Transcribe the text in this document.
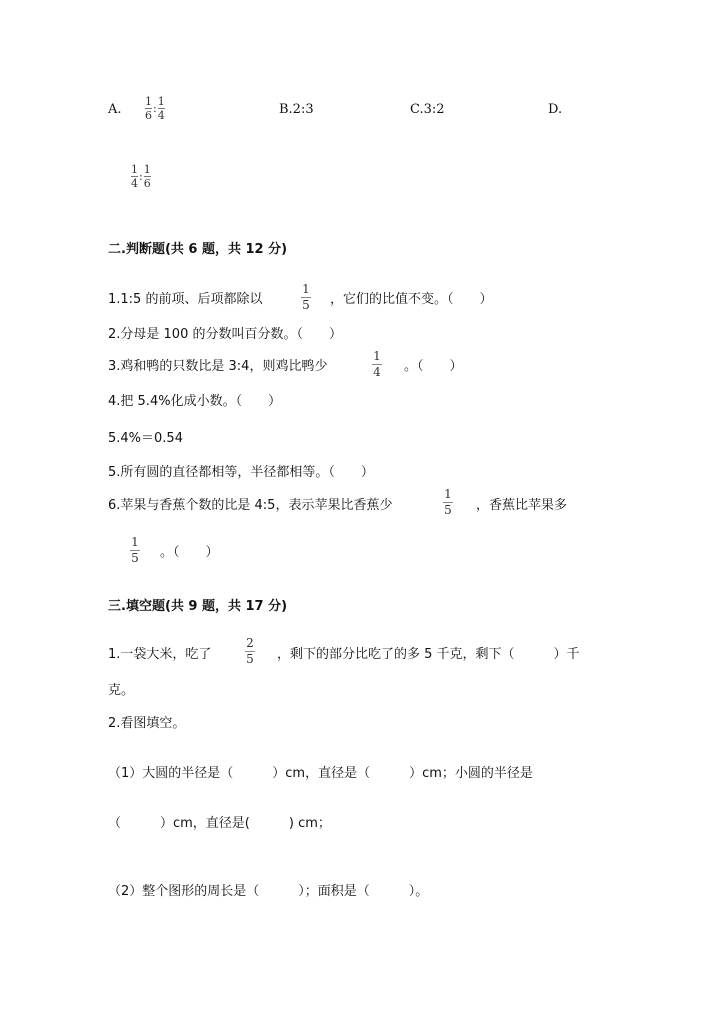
A.
1
6
:
1
4	B.2:3	C.3:2	D.
1
4
:
1
6
二.判断题(共 6 题，共 12 分)
1.1:5 的前项、后项都除以
1
5 ，它们的比值不变。（　　）
2.分母是 100 的分数叫百分数。（　　）
3.鸡和鸭的只数比是 3:4，则鸡比鸭少
1
4 。（　　）
4.把 5.4%化成小数。（　　）
5.4%＝0.54
5.所有圆的直径都相等，半径都相等。（　　）
6.苹果与香蕉个数的比是 4:5，表示苹果比香蕉少
1
5 ，香蕉比苹果多
1
5 。（　　）
三.填空题(共 9 题，共 17 分)
1.一袋大米，吃了
2
5 ，剩下的部分比吃了的多 5 千克，剩下（　　　）千
克。
2.看图填空。
（1）大圆的半径是（　　　）cm，直径是（　　　）cm；小圆的半径是
（　　　）cm，直径是(　　　) cm；
（2）整个图形的周长是（　　　）；面积是（　　　）。
